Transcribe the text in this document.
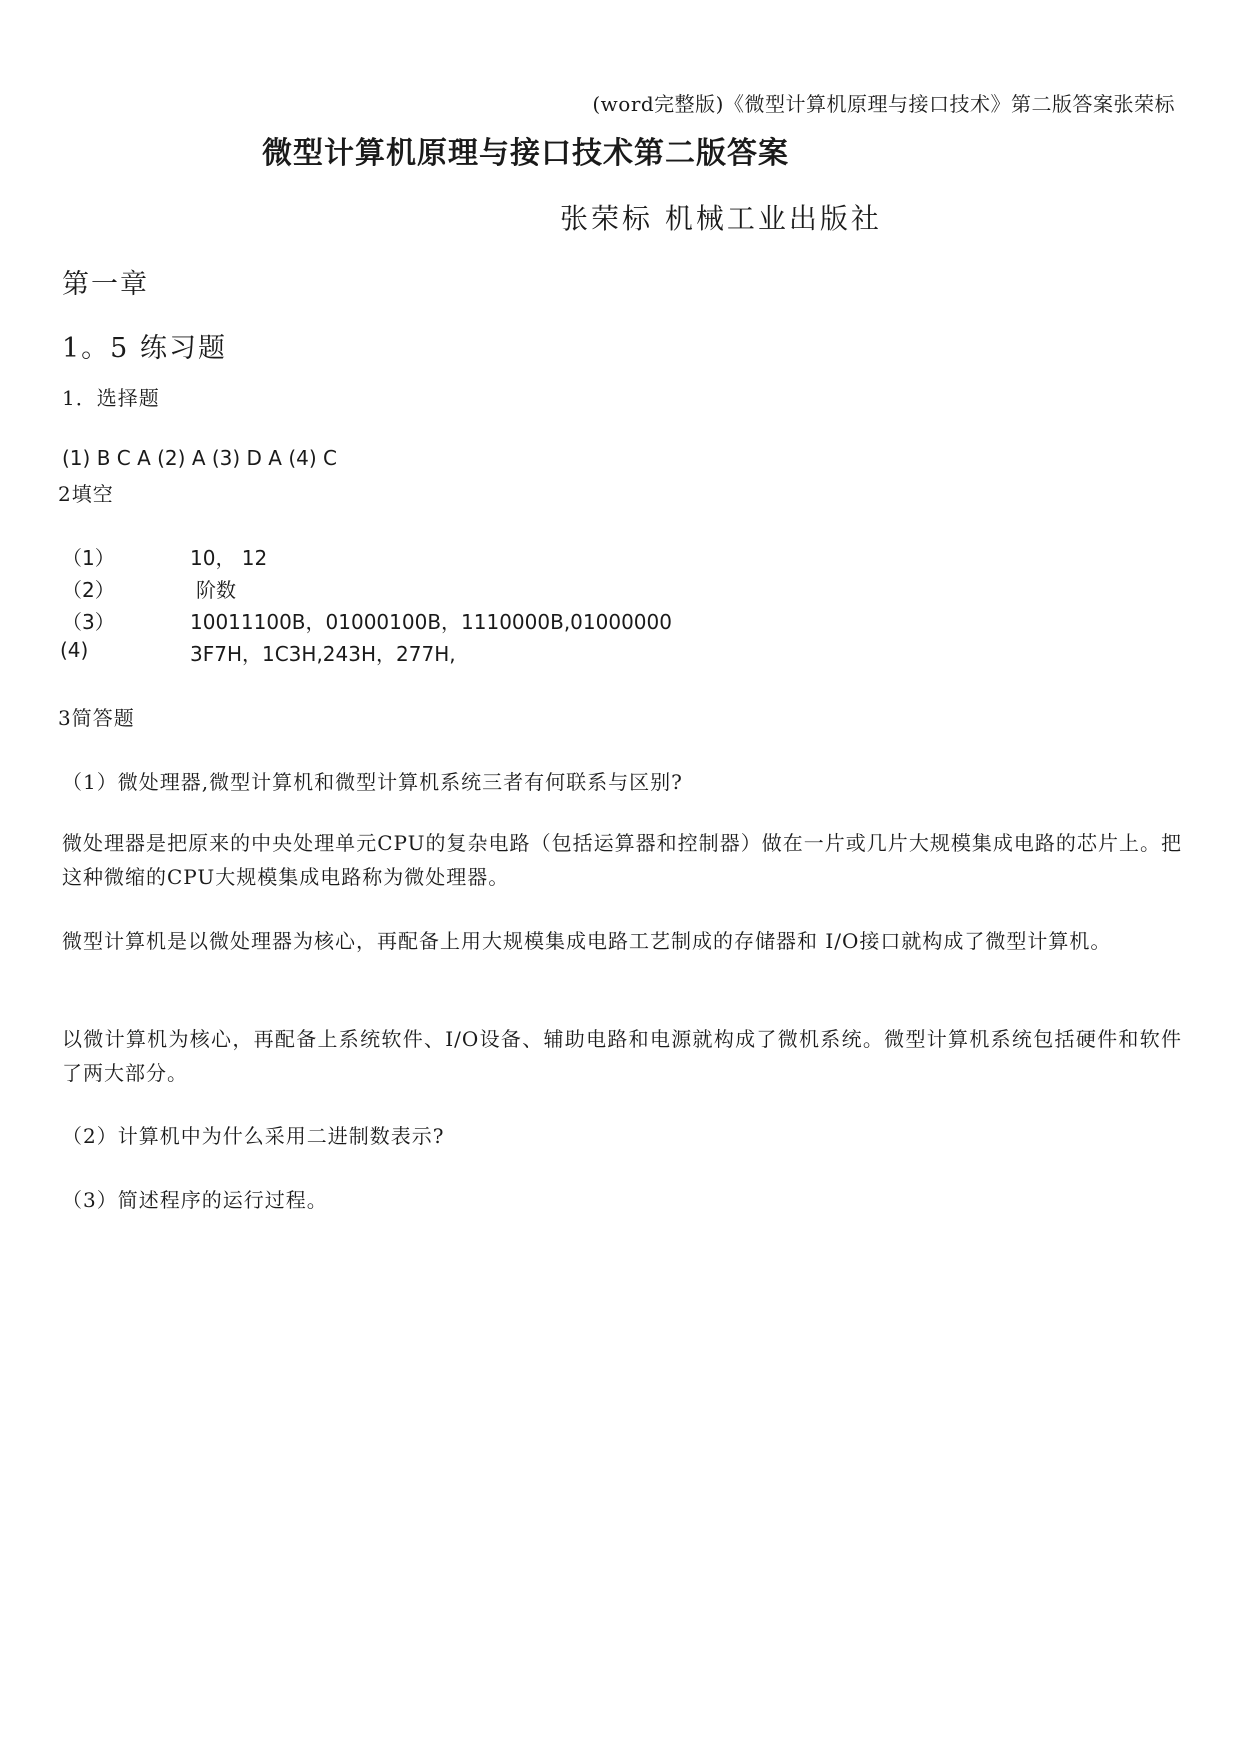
(word完整版)《微型计算机原理与接口技术》第二版答案张荣标
微型计算机原理与接口技术第二版答案
张荣标 机械工业出版社
第一章
1。5 练习题
1．选择题
(1) B C A (2) A (3) D A (4) C
2填空
（1）	10， 12
（2）	阶数
（3）	10011100B，01000100B，1110000B,01000000
(4)	3F7H，1C3H,243H，277H,
3简答题
（1）微处理器,微型计算机和微型计算机系统三者有何联系与区别?
微处理器是把原来的中央处理单元CPU的复杂电路（包括运算器和控制器）做在一片或几片大规模集成电路的芯片上。把这种微缩的CPU大规模集成电路称为微处理器。
微型计算机是以微处理器为核心，再配备上用大规模集成电路工艺制成的存储器和 I/O接口就构成了微型计算机。
以微计算机为核心，再配备上系统软件、I/O设备、辅助电路和电源就构成了微机系统。微型计算机系统包括硬件和软件了两大部分。
（2）计算机中为什么采用二进制数表示?
（3）简述程序的运行过程。
